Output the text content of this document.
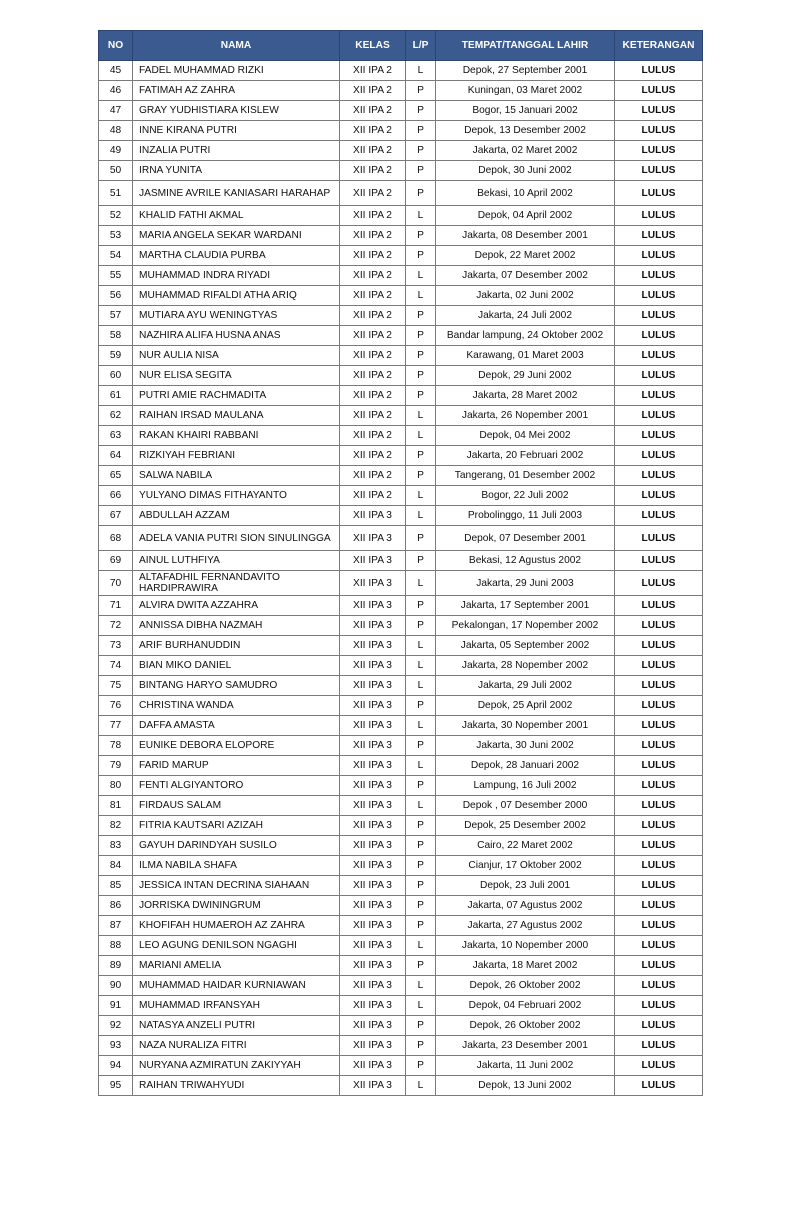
NO	NAMA	KELAS	L/P	TEMPAT/TANGGAL LAHIR	KETERANGAN
45	FADEL MUHAMMAD RIZKI	XII IPA 2	L	Depok, 27 September 2001	LULUS
46	FATIMAH AZ ZAHRA	XII IPA 2	P	Kuningan, 03 Maret 2002	LULUS
47	GRAY YUDHISTIARA KISLEW	XII IPA 2	P	Bogor, 15 Januari 2002	LULUS
48	INNE KIRANA PUTRI	XII IPA 2	P	Depok, 13 Desember 2002	LULUS
49	INZALIA PUTRI	XII IPA 2	P	Jakarta, 02 Maret 2002	LULUS
50	IRNA YUNITA	XII IPA 2	P	Depok, 30 Juni 2002	LULUS
51	JASMINE AVRILE KANIASARI HARAHAP	XII IPA 2	P	Bekasi, 10 April 2002	LULUS
52	KHALID FATHI AKMAL	XII IPA 2	L	Depok, 04 April 2002	LULUS
53	MARIA ANGELA SEKAR WARDANI	XII IPA 2	P	Jakarta, 08 Desember 2001	LULUS
54	MARTHA CLAUDIA PURBA	XII IPA 2	P	Depok, 22 Maret 2002	LULUS
55	MUHAMMAD INDRA RIYADI	XII IPA 2	L	Jakarta, 07 Desember 2002	LULUS
56	MUHAMMAD RIFALDI ATHA ARIQ	XII IPA 2	L	Jakarta, 02 Juni 2002	LULUS
57	MUTIARA AYU WENINGTYAS	XII IPA 2	P	Jakarta, 24 Juli 2002	LULUS
58	NAZHIRA ALIFA HUSNA ANAS	XII IPA 2	P	Bandar lampung, 24 Oktober 2002	LULUS
59	NUR AULIA NISA	XII IPA 2	P	Karawang, 01 Maret 2003	LULUS
60	NUR ELISA SEGITA	XII IPA 2	P	Depok, 29 Juni 2002	LULUS
61	PUTRI AMIE RACHMADITA	XII IPA 2	P	Jakarta, 28 Maret 2002	LULUS
62	RAIHAN IRSAD MAULANA	XII IPA 2	L	Jakarta, 26 Nopember 2001	LULUS
63	RAKAN KHAIRI RABBANI	XII IPA 2	L	Depok, 04 Mei 2002	LULUS
64	RIZKIYAH FEBRIANI	XII IPA 2	P	Jakarta, 20 Februari 2002	LULUS
65	SALWA NABILA	XII IPA 2	P	Tangerang, 01 Desember 2002	LULUS
66	YULYANO DIMAS FITHAYANTO	XII IPA 2	L	Bogor, 22 Juli 2002	LULUS
67	ABDULLAH AZZAM	XII IPA 3	L	Probolinggo, 11 Juli 2003	LULUS
68	ADELA VANIA PUTRI SION SINULINGGA	XII IPA 3	P	Depok, 07 Desember 2001	LULUS
69	AINUL LUTHFIYA	XII IPA 3	P	Bekasi, 12 Agustus 2002	LULUS
70	ALTAFADHIL FERNANDAVITO HARDIPRAWIRA	XII IPA 3	L	Jakarta, 29 Juni 2003	LULUS
71	ALVIRA DWITA AZZAHRA	XII IPA 3	P	Jakarta, 17 September 2001	LULUS
72	ANNISSA DIBHA NAZMAH	XII IPA 3	P	Pekalongan, 17 Nopember 2002	LULUS
73	ARIF BURHANUDDIN	XII IPA 3	L	Jakarta, 05 September 2002	LULUS
74	BIAN MIKO DANIEL	XII IPA 3	L	Jakarta, 28 Nopember 2002	LULUS
75	BINTANG HARYO SAMUDRO	XII IPA 3	L	Jakarta, 29 Juli 2002	LULUS
76	CHRISTINA WANDA	XII IPA 3	P	Depok, 25 April 2002	LULUS
77	DAFFA AMASTA	XII IPA 3	L	Jakarta, 30 Nopember 2001	LULUS
78	EUNIKE DEBORA ELOPORE	XII IPA 3	P	Jakarta, 30 Juni 2002	LULUS
79	FARID MARUP	XII IPA 3	L	Depok, 28 Januari 2002	LULUS
80	FENTI ALGIYANTORO	XII IPA 3	P	Lampung, 16 Juli 2002	LULUS
81	FIRDAUS SALAM	XII IPA 3	L	Depok , 07 Desember 2000	LULUS
82	FITRIA KAUTSARI AZIZAH	XII IPA 3	P	Depok, 25 Desember 2002	LULUS
83	GAYUH DARINDYAH SUSILO	XII IPA 3	P	Cairo, 22 Maret 2002	LULUS
84	ILMA NABILA SHAFA	XII IPA 3	P	Cianjur, 17 Oktober 2002	LULUS
85	JESSICA INTAN DECRINA SIAHAAN	XII IPA 3	P	Depok, 23 Juli 2001	LULUS
86	JORRISKA DWININGRUM	XII IPA 3	P	Jakarta, 07 Agustus 2002	LULUS
87	KHOFIFAH HUMAEROH AZ ZAHRA	XII IPA 3	P	Jakarta, 27 Agustus 2002	LULUS
88	LEO AGUNG DENILSON NGAGHI	XII IPA 3	L	Jakarta, 10 Nopember 2000	LULUS
89	MARIANI AMELIA	XII IPA 3	P	Jakarta, 18 Maret 2002	LULUS
90	MUHAMMAD HAIDAR KURNIAWAN	XII IPA 3	L	Depok, 26 Oktober 2002	LULUS
91	MUHAMMAD IRFANSYAH	XII IPA 3	L	Depok, 04 Februari 2002	LULUS
92	NATASYA ANZELI PUTRI	XII IPA 3	P	Depok, 26 Oktober 2002	LULUS
93	NAZA NURALIZA FITRI	XII IPA 3	P	Jakarta, 23 Desember 2001	LULUS
94	NURYANA AZMIRATUN ZAKIYYAH	XII IPA 3	P	Jakarta, 11 Juni 2002	LULUS
95	RAIHAN TRIWAHYUDI	XII IPA 3	L	Depok, 13 Juni 2002	LULUS
